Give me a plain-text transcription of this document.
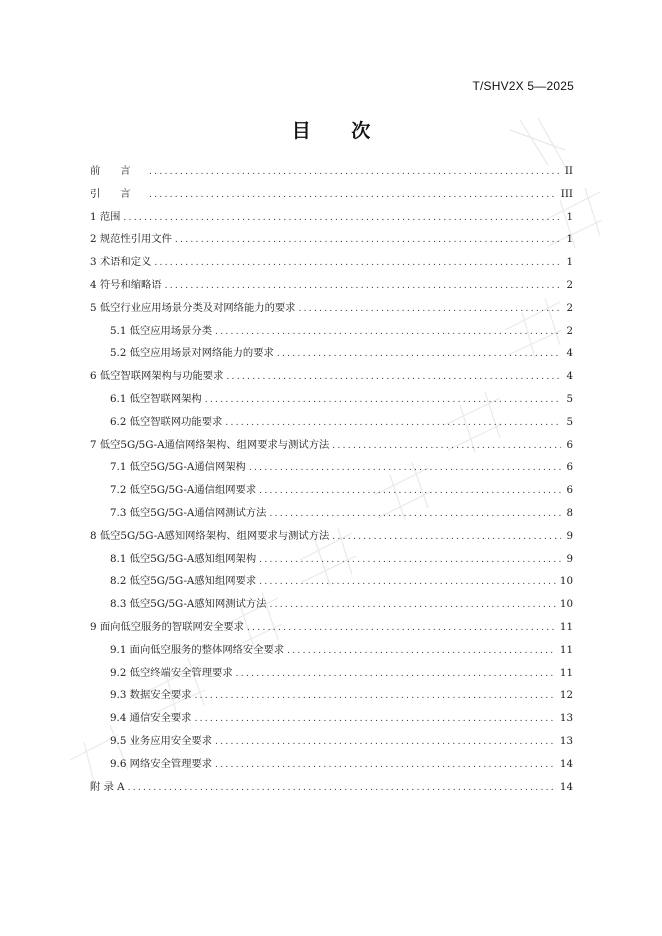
T/SHV2X 5—2025
目 次
前 言 .....	II
引 言 .....	III
1 范围 .....	1
2 规范性引用文件 .....	1
3 术语和定义 .....	1
4 符号和缩略语 .....	2
5 低空行业应用场景分类及对网络能力的要求 .....	2
5.1 低空应用场景分类 .....	2
5.2 低空应用场景对网络能力的要求 .....	4
6 低空智联网架构与功能要求 .....	4
6.1 低空智联网架构 .....	5
6.2 低空智联网功能要求 .....	5
7 低空5G/5G-A通信网络架构、组网要求与测试方法 .....	6
7.1 低空5G/5G-A通信网架构 .....	6
7.2 低空5G/5G-A通信组网要求 .....	6
7.3 低空5G/5G-A通信网测试方法 .....	8
8 低空5G/5G-A感知网络架构、组网要求与测试方法 .....	9
8.1 低空5G/5G-A感知组网架构 .....	9
8.2 低空5G/5G-A感知组网要求 .....	10
8.3 低空5G/5G-A感知网测试方法 .....	10
9 面向低空服务的智联网安全要求 .....	11
9.1 面向低空服务的整体网络安全要求 .....	11
9.2 低空终端安全管理要求 .....	11
9.3 数据安全要求 .....	12
9.4 通信安全要求 .....	13
9.5 业务应用安全要求 .....	13
9.6 网络安全管理要求 .....	14
附 录 A .....	14
